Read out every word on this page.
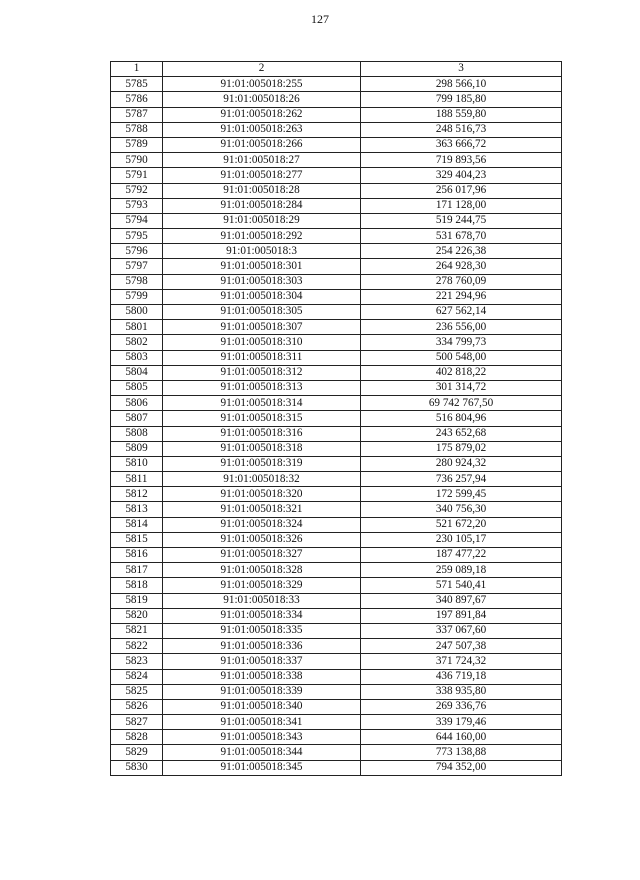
127
1	2	3
5785	91:01:005018:255	298 566,10
5786	91:01:005018:26	799 185,80
5787	91:01:005018:262	188 559,80
5788	91:01:005018:263	248 516,73
5789	91:01:005018:266	363 666,72
5790	91:01:005018:27	719 893,56
5791	91:01:005018:277	329 404,23
5792	91:01:005018:28	256 017,96
5793	91:01:005018:284	171 128,00
5794	91:01:005018:29	519 244,75
5795	91:01:005018:292	531 678,70
5796	91:01:005018:3	254 226,38
5797	91:01:005018:301	264 928,30
5798	91:01:005018:303	278 760,09
5799	91:01:005018:304	221 294,96
5800	91:01:005018:305	627 562,14
5801	91:01:005018:307	236 556,00
5802	91:01:005018:310	334 799,73
5803	91:01:005018:311	500 548,00
5804	91:01:005018:312	402 818,22
5805	91:01:005018:313	301 314,72
5806	91:01:005018:314	69 742 767,50
5807	91:01:005018:315	516 804,96
5808	91:01:005018:316	243 652,68
5809	91:01:005018:318	175 879,02
5810	91:01:005018:319	280 924,32
5811	91:01:005018:32	736 257,94
5812	91:01:005018:320	172 599,45
5813	91:01:005018:321	340 756,30
5814	91:01:005018:324	521 672,20
5815	91:01:005018:326	230 105,17
5816	91:01:005018:327	187 477,22
5817	91:01:005018:328	259 089,18
5818	91:01:005018:329	571 540,41
5819	91:01:005018:33	340 897,67
5820	91:01:005018:334	197 891,84
5821	91:01:005018:335	337 067,60
5822	91:01:005018:336	247 507,38
5823	91:01:005018:337	371 724,32
5824	91:01:005018:338	436 719,18
5825	91:01:005018:339	338 935,80
5826	91:01:005018:340	269 336,76
5827	91:01:005018:341	339 179,46
5828	91:01:005018:343	644 160,00
5829	91:01:005018:344	773 138,88
5830	91:01:005018:345	794 352,00
